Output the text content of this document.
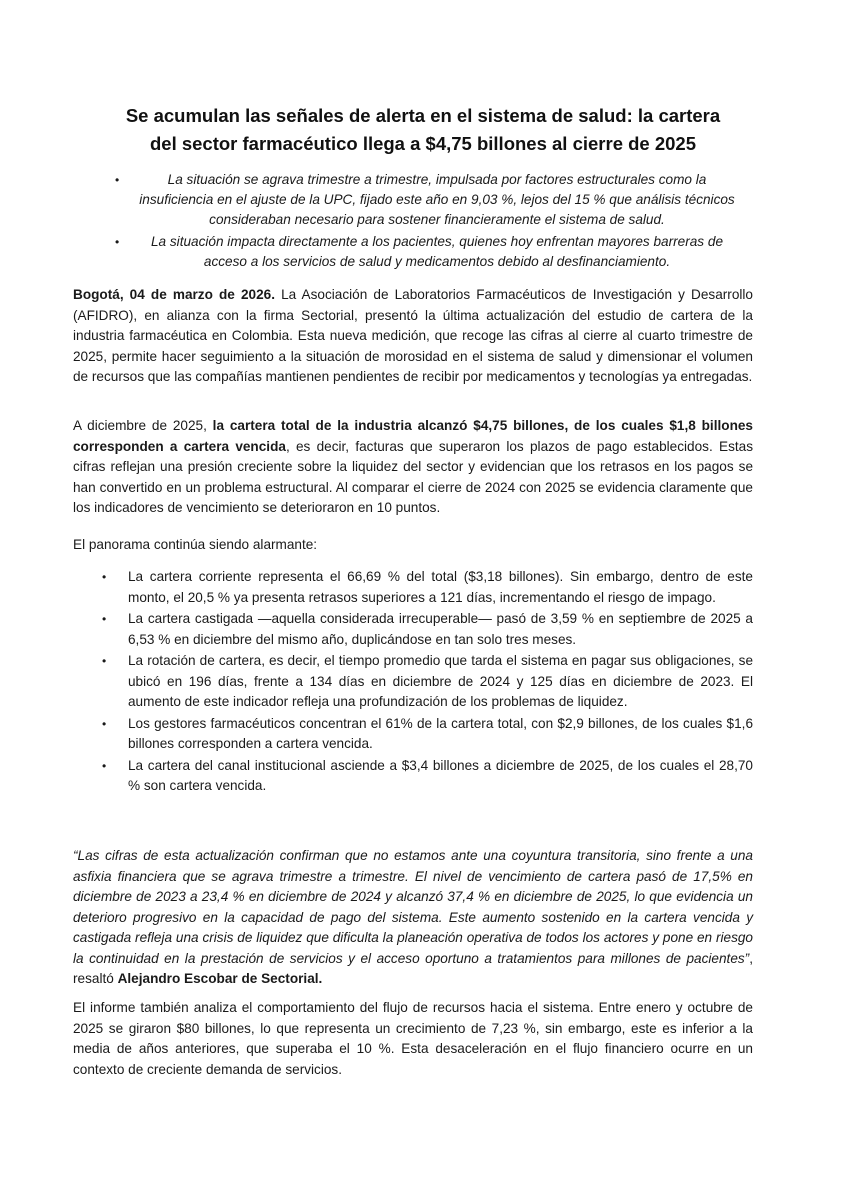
Se acumulan las señales de alerta en el sistema de salud: la cartera
del sector farmacéutico llega a $4,75 billones al cierre de 2025
•	La situación se agrava trimestre a trimestre, impulsada por factores estructurales como la insuficiencia en el ajuste de la UPC, fijado este año en 9,03 %, lejos del 15 % que análisis técnicos consideraban necesario para sostener financieramente el sistema de salud.
• La situación impacta directamente a los pacientes, quienes hoy enfrentan mayores barreras de acceso a los servicios de salud y medicamentos debido al desfinanciamiento.

Bogotá, 04 de marzo de 2026. La Asociación de Laboratorios Farmacéuticos de Investigación y Desarrollo (AFIDRO), en alianza con la firma Sectorial, presentó la última actualización del estudio de cartera de la industria farmacéutica en Colombia. Esta nueva medición, que recoge las cifras al cierre al cuarto trimestre de 2025, permite hacer seguimiento a la situación de morosidad en el sistema de salud y dimensionar el volumen de recursos que las compañías mantienen pendientes de recibir por medicamentos y tecnologías ya entregadas.

A diciembre de 2025, la cartera total de la industria alcanzó $4,75 billones, de los cuales $1,8 billones corresponden a cartera vencida, es decir, facturas que superaron los plazos de pago establecidos. Estas cifras reflejan una presión creciente sobre la liquidez del sector y evidencian que los retrasos en los pagos se han convertido en un problema estructural. Al comparar el cierre de 2024 con 2025 se evidencia claramente que los indicadores de vencimiento se deterioraron en 10 puntos.

El panorama continúa siendo alarmante:

• La cartera corriente representa el 66,69 % del total ($3,18 billones). Sin embargo, dentro de este monto, el 20,5 % ya presenta retrasos superiores a 121 días, incrementando el riesgo de impago.
• La cartera castigada —aquella considerada irrecuperable— pasó de 3,59 % en septiembre de 2025 a 6,53 % en diciembre del mismo año, duplicándose en tan solo tres meses.
• La rotación de cartera, es decir, el tiempo promedio que tarda el sistema en pagar sus obligaciones, se ubicó en 196 días, frente a 134 días en diciembre de 2024 y 125 días en diciembre de 2023. El aumento de este indicador refleja una profundización de los problemas de liquidez.
• Los gestores farmacéuticos concentran el 61% de la cartera total, con $2,9 billones, de los cuales $1,6 billones corresponden a cartera vencida.
• La cartera del canal institucional asciende a $3,4 billones a diciembre de 2025, de los cuales el 28,70 % son cartera vencida.

“Las cifras de esta actualización confirman que no estamos ante una coyuntura transitoria, sino frente a una asfixia financiera que se agrava trimestre a trimestre. El nivel de vencimiento de cartera pasó de 17,5% en diciembre de 2023 a 23,4 % en diciembre de 2024 y alcanzó 37,4 % en diciembre de 2025, lo que evidencia un deterioro progresivo en la capacidad de pago del sistema. Este aumento sostenido en la cartera vencida y castigada refleja una crisis de liquidez que dificulta la planeación operativa de todos los actores y pone en riesgo la continuidad en la prestación de servicios y el acceso oportuno a tratamientos para millones de pacientes”, resaltó Alejandro Escobar de Sectorial.

El informe también analiza el comportamiento del flujo de recursos hacia el sistema. Entre enero y octubre de 2025 se giraron $80 billones, lo que representa un crecimiento de 7,23 %, sin embargo, este es inferior a la media de años anteriores, que superaba el 10 %. Esta desaceleración en el flujo financiero ocurre en un contexto de creciente demanda de servicios.
